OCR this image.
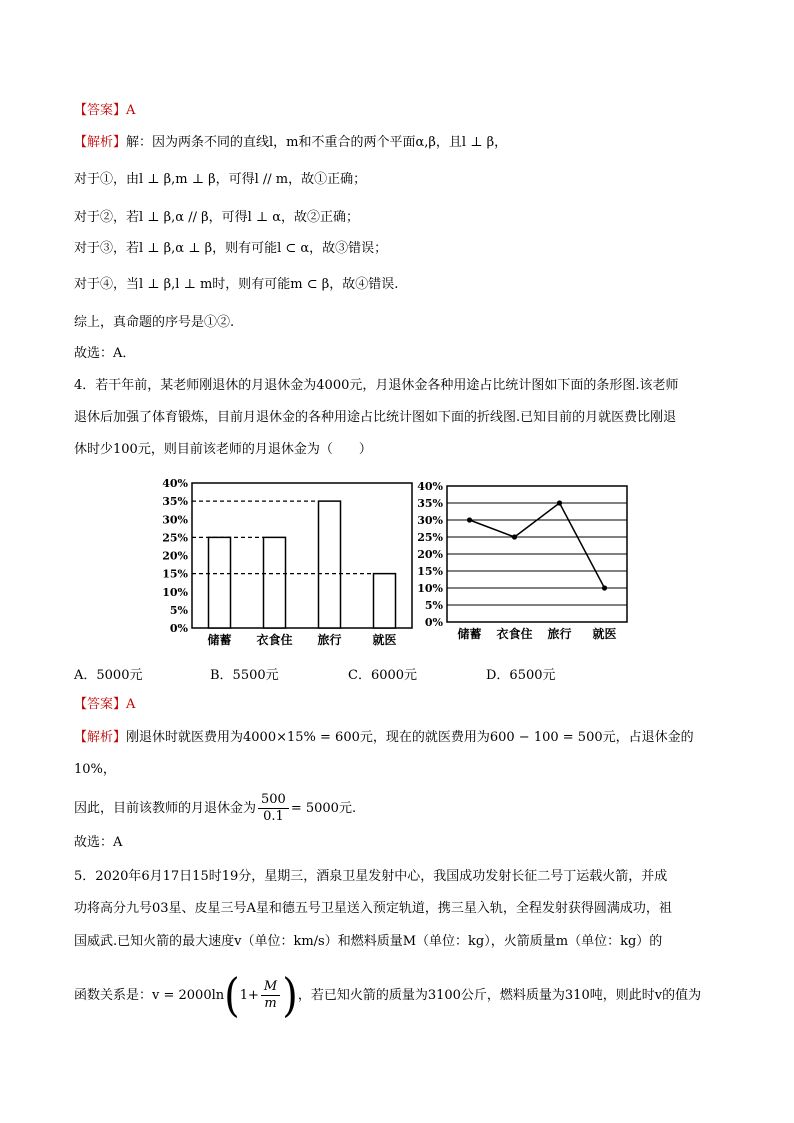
【答案】A
【解析】解：因为两条不同的直线l，m和不重合的两个平面α,β，且l ⊥ β，
对于①，由l ⊥ β,m ⊥ β，可得l // m，故①正确；
对于②，若l ⊥ β,α // β，可得l ⊥ α，故②正确；
对于③，若l ⊥ β,α ⊥ β，则有可能l ⊂ α，故③错误；
对于④，当l ⊥ β,l ⊥ m时，则有可能m ⊂ β，故④错误.
综上，真命题的序号是①②.
故选：A．
4．若干年前，某老师刚退休的月退休金为4000元，月退休金各种用途占比统计图如下面的条形图.该老师
退休后加强了体育锻炼，目前月退休金的各种用途占比统计图如下面的折线图.已知目前的月就医费比刚退
休时少100元，则目前该老师的月退休金为（　　）
0%
5%
10%
15%
20%
25%
30%
35%
40%
储蓄 衣食住 旅行	就医
0%
5%
10%
15%
20%
25%
30%
35%
40%
储蓄 衣食住 旅行 就医
A．5000元	B．5500元	C．6000元	D．6500元
【答案】A
【解析】刚退休时就医费用为4000×15% = 600元，现在的就医费用为600 − 100 = 500元，占退休金的
10%，
因此，目前该教师的月退休金为 $\frac{500}{0.1} = 5000$元.
故选：A
5．2020年6月17日15时19分，星期三，酒泉卫星发射中心，我国成功发射长征二号丁运载火箭，并成
功将高分九号03星、皮星三号A星和德五号卫星送入预定轨道，携三星入轨，全程发射获得圆满成功，祖
国威武.已知火箭的最大速度v（单位：km/s）和燃料质量M（单位：kg），火箭质量m（单位：kg）的
函数关系是：$v = 2000\ln(1+ \frac{M}{m}$ )，若已知火箭的质量为3100公斤，燃料质量为310吨，则此时v的值为
